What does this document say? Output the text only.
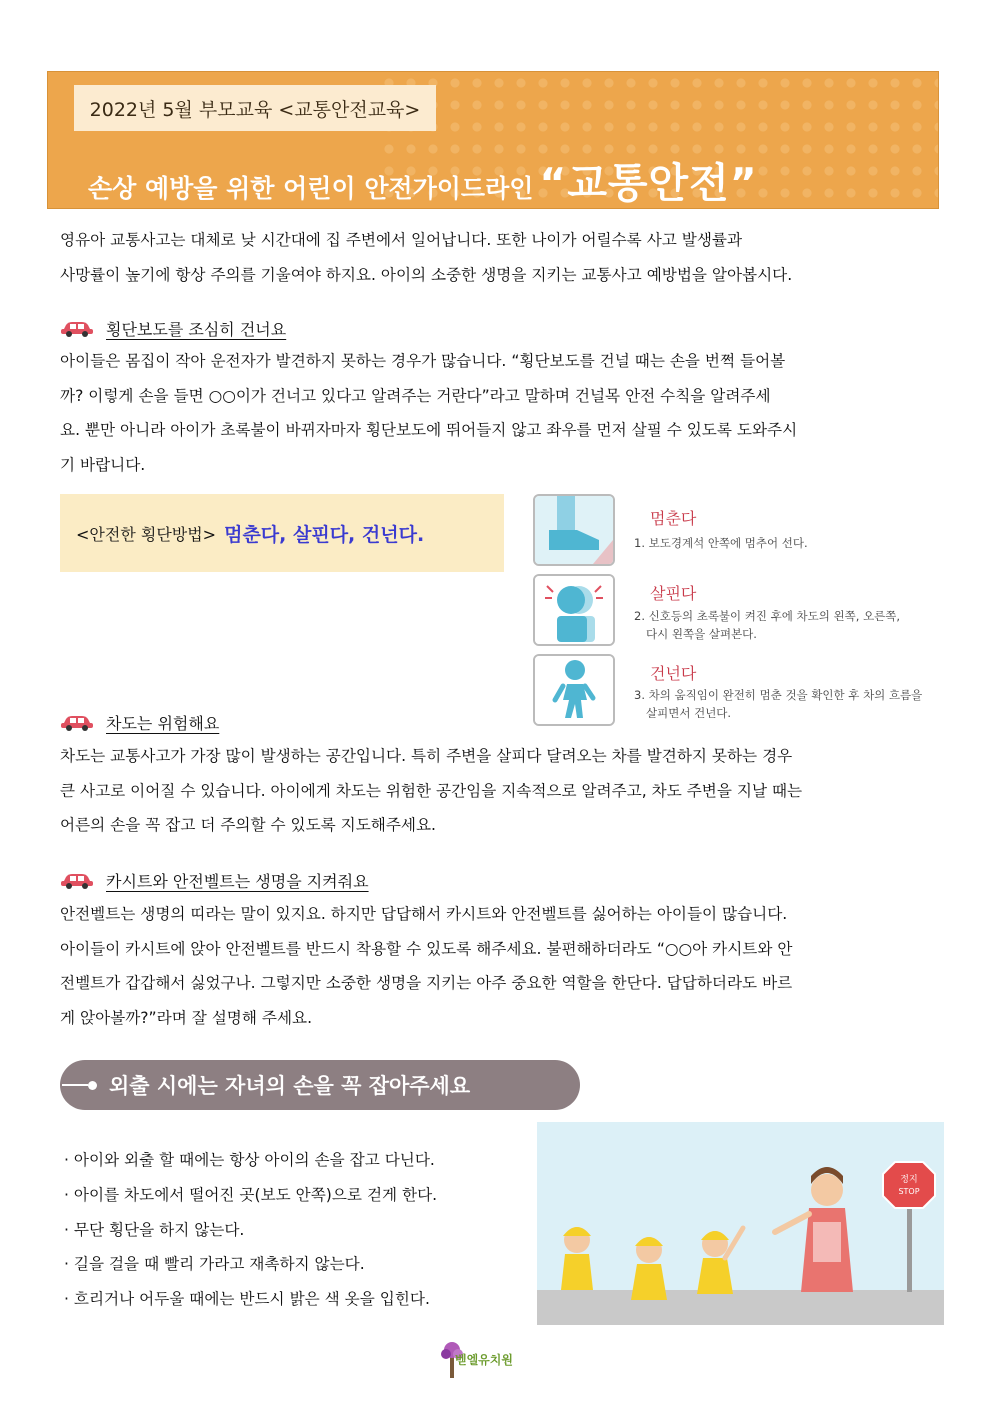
2022년 5월 부모교육 <교통안전교육>
손상 예방을 위한 어린이 안전가이드라인 “교통안전”
영유아 교통사고는 대체로 낮 시간대에 집 주변에서 일어납니다. 또한 나이가 어릴수록 사고 발생률과
사망률이 높기에 항상 주의를 기울여야 하지요. 아이의 소중한 생명을 지키는 교통사고 예방법을 알아봅시다.
횡단보도를 조심히 건너요
아이들은 몸집이 작아 운전자가 발견하지 못하는 경우가 많습니다. “횡단보도를 건널 때는 손을 번쩍 들어볼
까? 이렇게 손을 들면 ○○이가 건너고 있다고 알려주는 거란다”라고 말하며 건널목 안전 수칙을 알려주세
요. 뿐만 아니라 아이가 초록불이 바뀌자마자 횡단보도에 뛰어들지 않고 좌우를 먼저 살필 수 있도록 도와주시
기 바랍니다.
<안전한 횡단방법> 멈춘다, 살핀다, 건넌다.
멈춘다
1. 보도경계석 안쪽에 멈추어 선다.
살핀다
2. 신호등의 초록불이 켜진 후에 차도의 왼쪽, 오른쪽,
다시 왼쪽을 살펴본다.
건넌다
3. 차의 움직임이 완전히 멈춘 것을 확인한 후 차의 흐름을
살피면서 건넌다.
차도는 위험해요
차도는 교통사고가 가장 많이 발생하는 공간입니다. 특히 주변을 살피다 달려오는 차를 발견하지 못하는 경우
큰 사고로 이어질 수 있습니다. 아이에게 차도는 위험한 공간임을 지속적으로 알려주고, 차도 주변을 지날 때는
어른의 손을 꼭 잡고 더 주의할 수 있도록 지도해주세요.
카시트와 안전벨트는 생명을 지켜줘요
안전벨트는 생명의 띠라는 말이 있지요. 하지만 답답해서 카시트와 안전벨트를 싫어하는 아이들이 많습니다.
아이들이 카시트에 앉아 안전벨트를 반드시 착용할 수 있도록 해주세요. 불편해하더라도 “○○아 카시트와 안
전벨트가 갑갑해서 싫었구나. 그렇지만 소중한 생명을 지키는 아주 중요한 역할을 한단다. 답답하더라도 바르
게 앉아볼까?”라며 잘 설명해 주세요.
외출 시에는 자녀의 손을 꼭 잡아주세요
· 아이와 외출 할 때에는 항상 아이의 손을 잡고 다닌다.
· 아이를 차도에서 떨어진 곳(보도 안쪽)으로 걷게 한다.
· 무단 횡단을 하지 않는다.
· 길을 걸을 때 빨리 가라고 재촉하지 않는다.
· 흐리거나 어두울 때에는 반드시 밝은 색 옷을 입힌다.
정지
STOP
벧엘유치원
